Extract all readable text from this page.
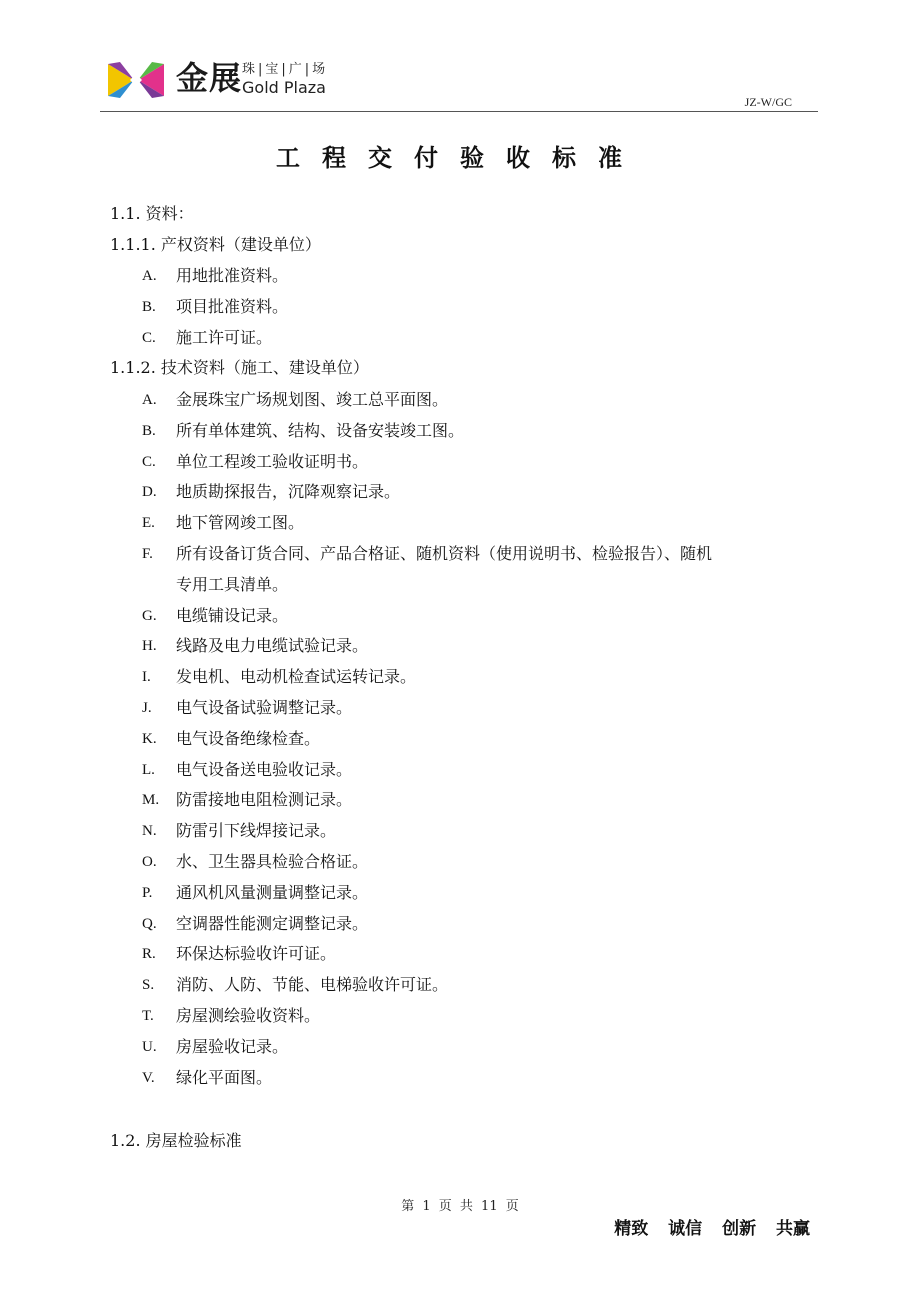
金展 珠|宝|广|场
Gold Plaza
JZ-W/GC
工程交付验收标准
1.1. 资料：
1.1.1. 产权资料（建设单位）
A. 用地批准资料。
B. 项目批准资料。
C. 施工许可证。
1.1.2. 技术资料（施工、建设单位）
A. 金展珠宝广场规划图、竣工总平面图。
B. 所有单体建筑、结构、设备安装竣工图。
C. 单位工程竣工验收证明书。
D. 地质勘探报告，沉降观察记录。
E. 地下管网竣工图。
F. 所有设备订货合同、产品合格证、随机资料（使用说明书、检验报告）、随机
专用工具清单。
G. 电缆铺设记录。
H. 线路及电力电缆试验记录。
I. 发电机、电动机检查试运转记录。
J. 电气设备试验调整记录。
K. 电气设备绝缘检查。
L. 电气设备送电验收记录。
M. 防雷接地电阻检测记录。
N. 防雷引下线焊接记录。
O. 水、卫生器具检验合格证。
P. 通风机风量测量调整记录。
Q. 空调器性能测定调整记录。
R. 环保达标验收许可证。
S. 消防、人防、节能、电梯验收许可证。
T. 房屋测绘验收资料。
U. 房屋验收记录。
V. 绿化平面图。
1.2. 房屋检验标准
第 1 页 共 11 页
精致 诚信 创新 共赢
